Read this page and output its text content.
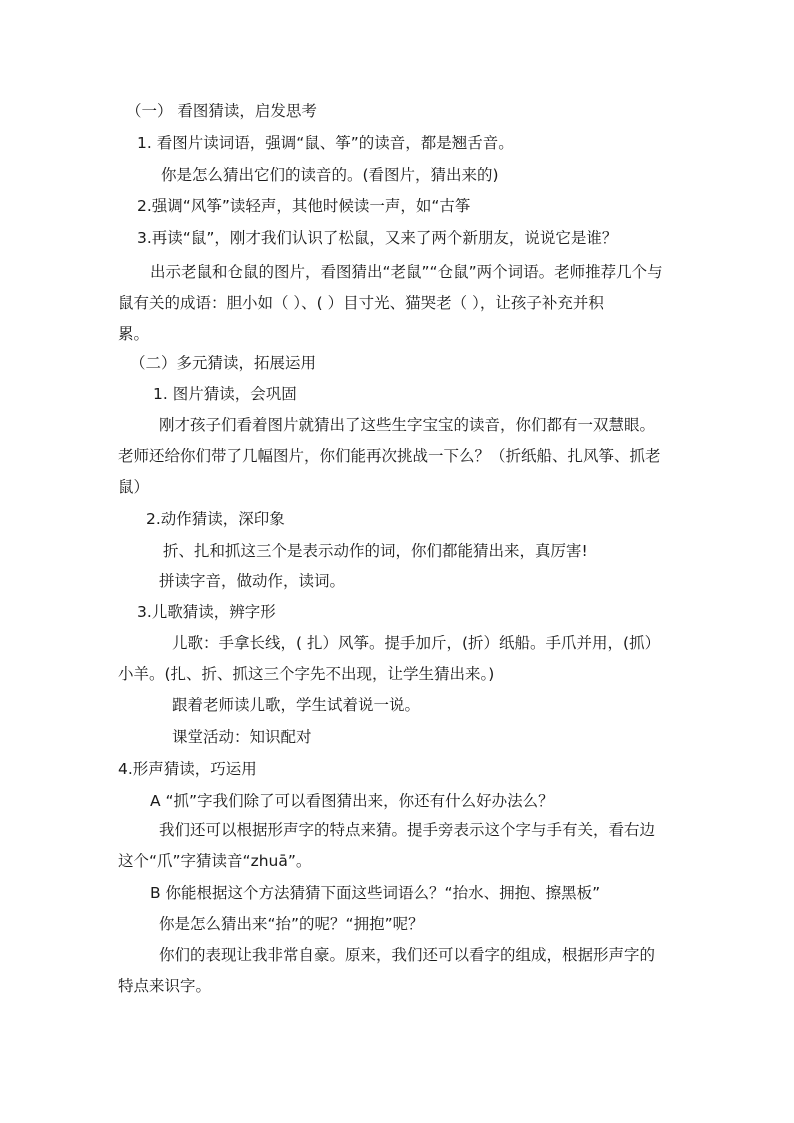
（一） 看图猜读，启发思考

1. 看图片读词语，强调“鼠、筝”的读音，都是翘舌音。

你是怎么猜出它们的读音的。(看图片，猜出来的)

2.强调“风筝”读轻声，其他时候读一声，如“古筝

3.再读“鼠”，刚才我们认识了松鼠，又来了两个新朋友，说说它是谁？

出示老鼠和仓鼠的图片，看图猜出“老鼠”“仓鼠”两个词语。老师推荐几个与

鼠有关的成语：胆小如（ ）、( ）目寸光、猫哭老（ ），让孩子补充并积

累。

（二）多元猜读，拓展运用

1. 图片猜读，会巩固

刚才孩子们看着图片就猜出了这些生字宝宝的读音，你们都有一双慧眼。

老师还给你们带了几幅图片，你们能再次挑战一下么？（折纸船、扎风筝、抓老

鼠）

2.动作猜读，深印象

折、扎和抓这三个是表示动作的词，你们都能猜出来，真厉害!

拼读字音，做动作，读词。

3.儿歌猜读，辨字形

儿歌：手拿长线，( 扎）风筝。提手加斤，(折）纸船。手爪并用，(抓）

小羊。(扎、折、抓这三个字先不出现，让学生猜出来。)

跟着老师读儿歌，学生试着说一说。

课堂活动：知识配对

4.形声猜读，巧运用

A “抓”字我们除了可以看图猜出来，你还有什么好办法么？

我们还可以根据形声字的特点来猜。提手旁表示这个字与手有关，看右边

这个“爪”字猜读音“zhuā”。

B 你能根据这个方法猜猜下面这些词语么？“抬水、拥抱、擦黑板”

你是怎么猜出来“抬”的呢？“拥抱”呢？

你们的表现让我非常自豪。原来，我们还可以看字的组成，根据形声字的

特点来识字。
